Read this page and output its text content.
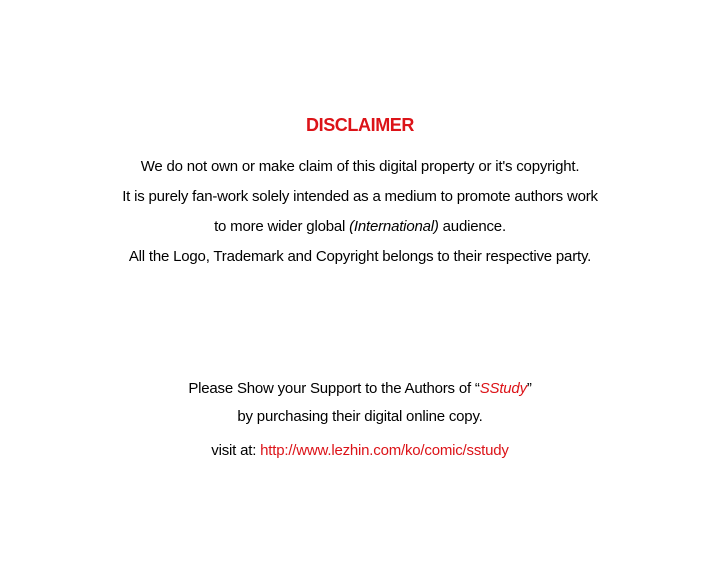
DISCLAIMER
We do not own or make claim of this digital property or it's copyright.
It is purely fan-work solely intended as a medium to promote authors work
to more wider global (International) audience.
All the Logo, Trademark and Copyright belongs to their respective party.
Please Show your Support to the Authors of “SStudy”
by purchasing their digital online copy.
visit at: http://www.lezhin.com/ko/comic/sstudy
